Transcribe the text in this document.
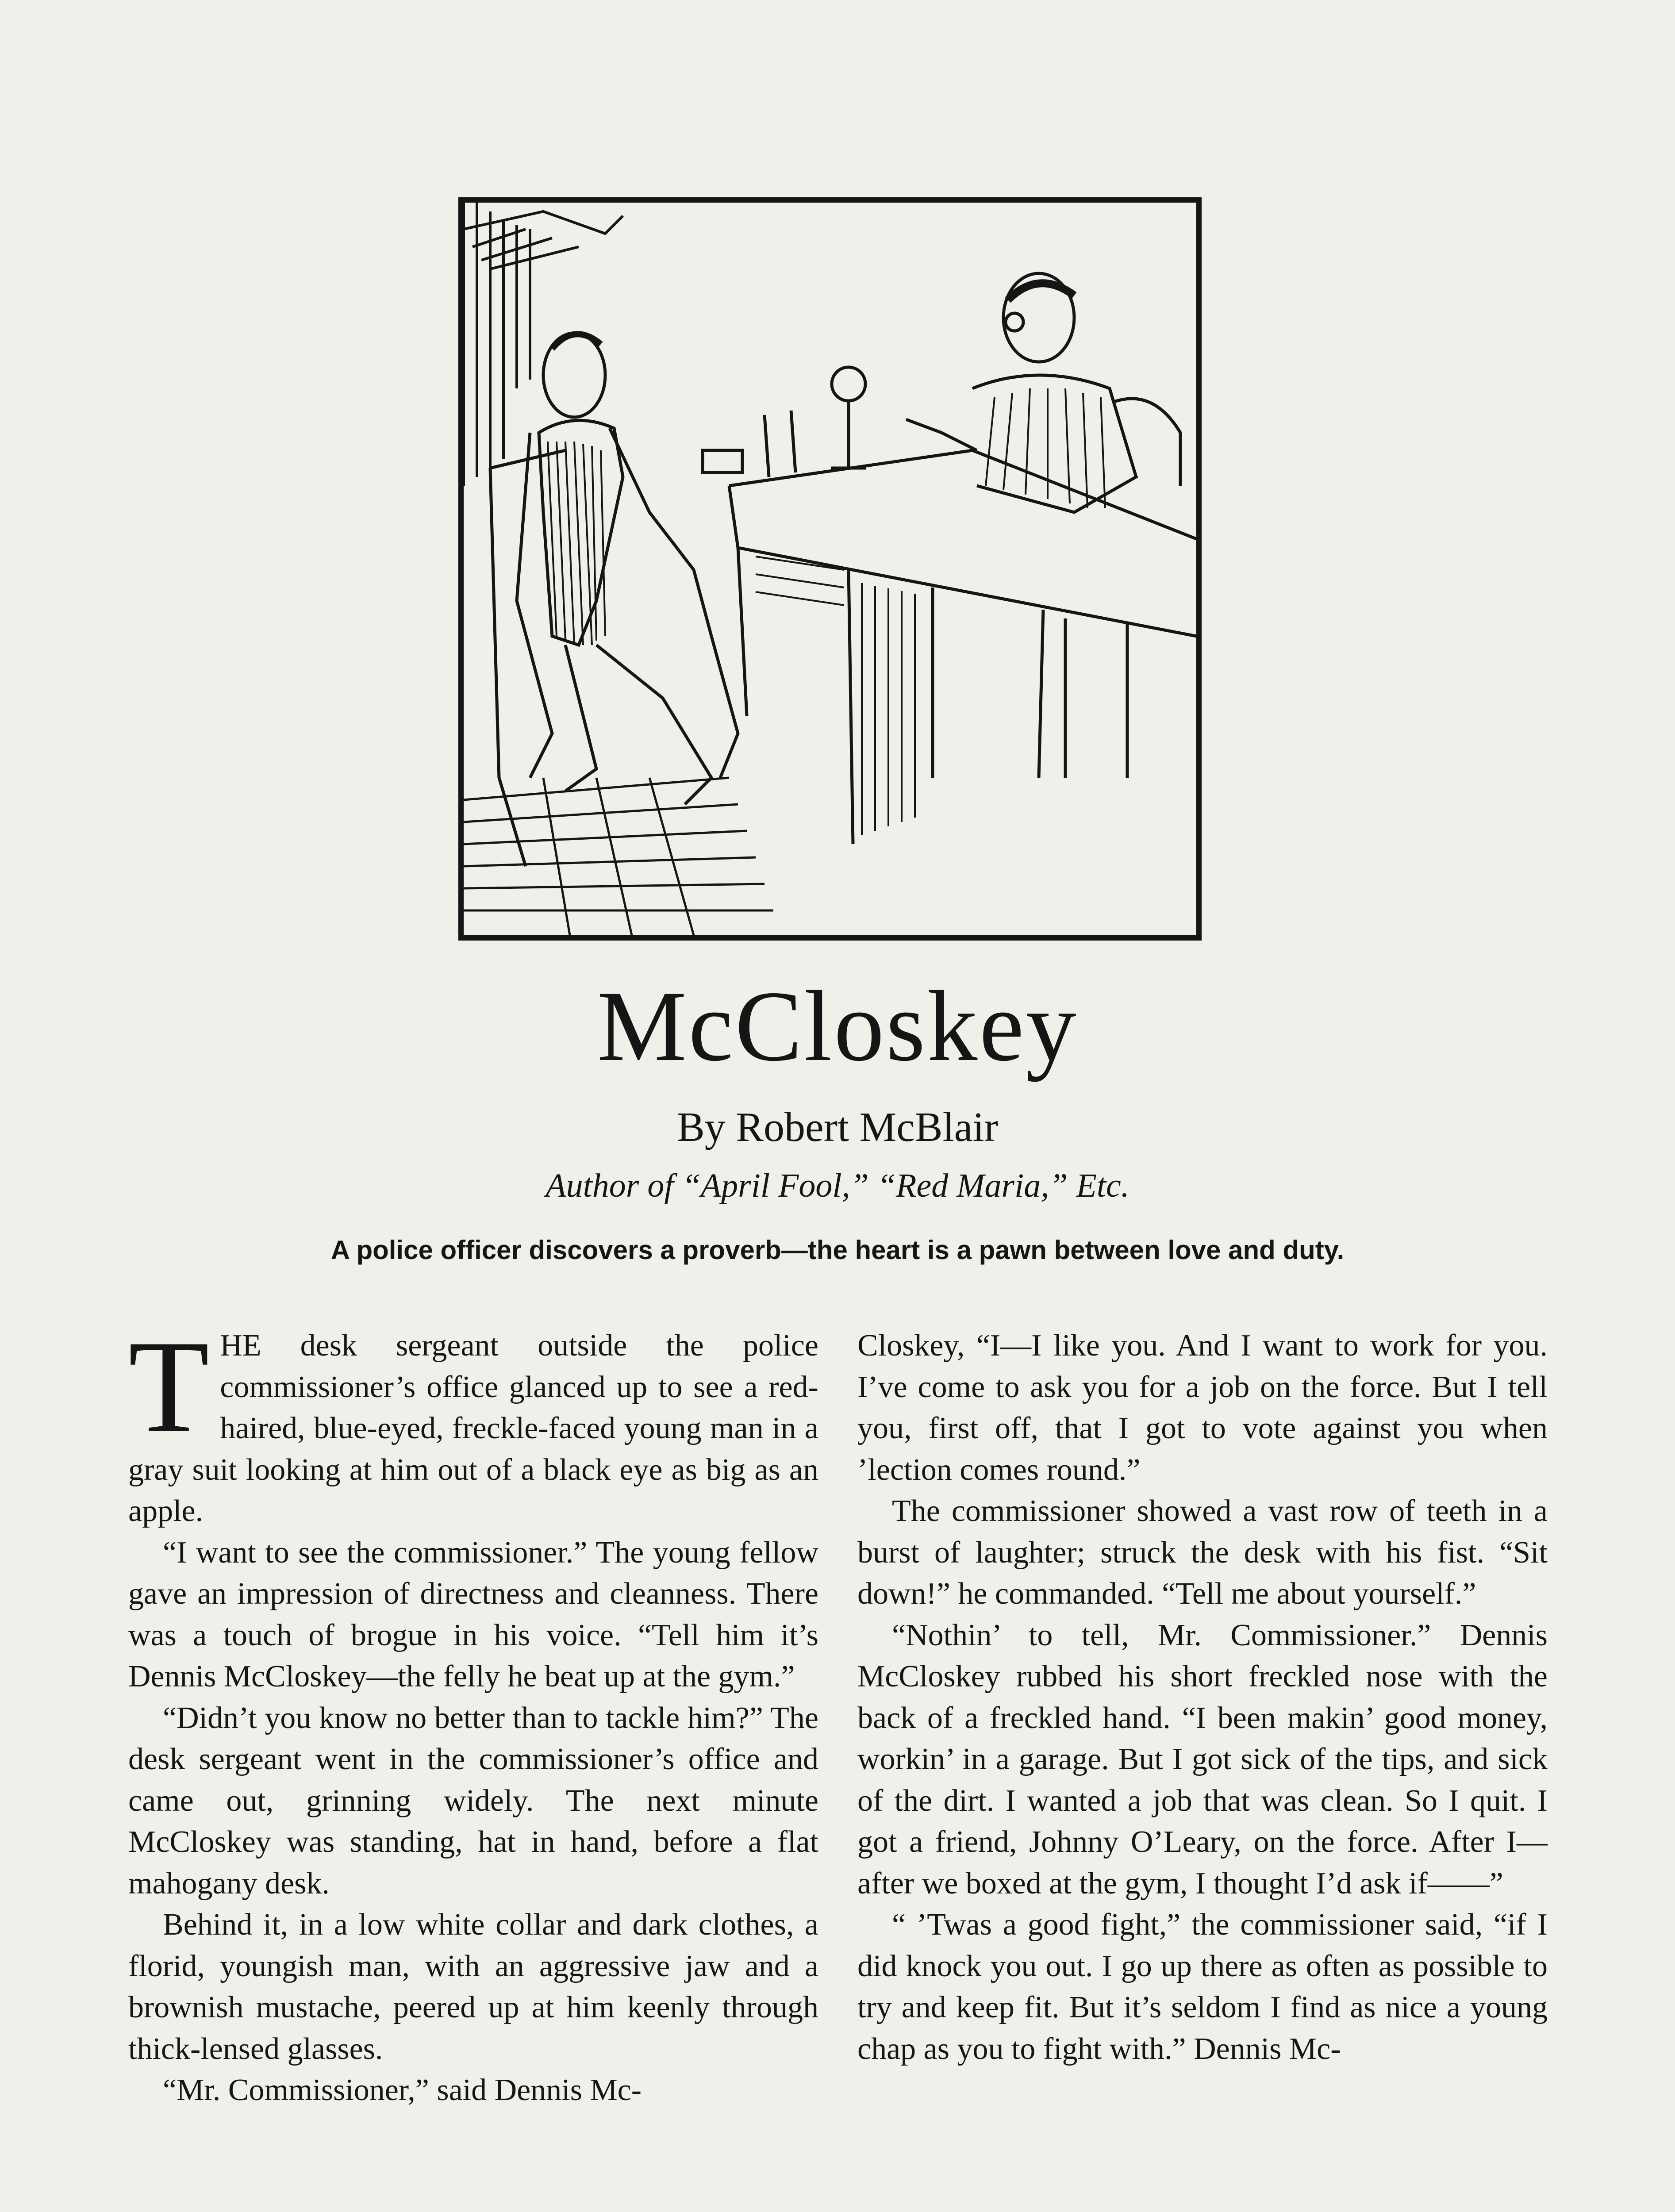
McCloskey
By Robert McBlair
Author of “April Fool,” “Red Maria,” Etc.
A police officer discovers a proverb—the heart is a pawn between love and duty.

THE desk sergeant outside the police commissioner’s office glanced up to see a red-haired, blue-eyed, freckle-faced young man in a gray suit looking at him out of a black eye as big as an apple.

“I want to see the commissioner.” The young fellow gave an impression of directness and cleanness. There was a touch of brogue in his voice. “Tell him it’s Dennis McCloskey—the felly he beat up at the gym.”

“Didn’t you know no better than to tackle him?” The desk sergeant went in the commissioner’s office and came out, grinning widely. The next minute McCloskey was standing, hat in hand, before a flat mahogany desk.

Behind it, in a low white collar and dark clothes, a florid, youngish man, with an aggressive jaw and a brownish mustache, peered up at him keenly through thick-lensed glasses.

“Mr. Commissioner,” said Dennis Mc-

Closkey, “I—I like you. And I want to work for you. I’ve come to ask you for a job on the force. But I tell you, first off, that I got to vote against you when ’lection comes round.”

The commissioner showed a vast row of teeth in a burst of laughter; struck the desk with his fist. “Sit down!” he commanded. “Tell me about yourself.”

“Nothin’ to tell, Mr. Commissioner.” Dennis McCloskey rubbed his short freckled nose with the back of a freckled hand. “I been makin’ good money, workin’ in a garage. But I got sick of the tips, and sick of the dirt. I wanted a job that was clean. So I quit. I got a friend, Johnny O’Leary, on the force. After I—after we boxed at the gym, I thought I’d ask if——”

“ ’Twas a good fight,” the commissioner said, “if I did knock you out. I go up there as often as possible to try and keep fit. But it’s seldom I find as nice a young chap as you to fight with.” Dennis Mc-
